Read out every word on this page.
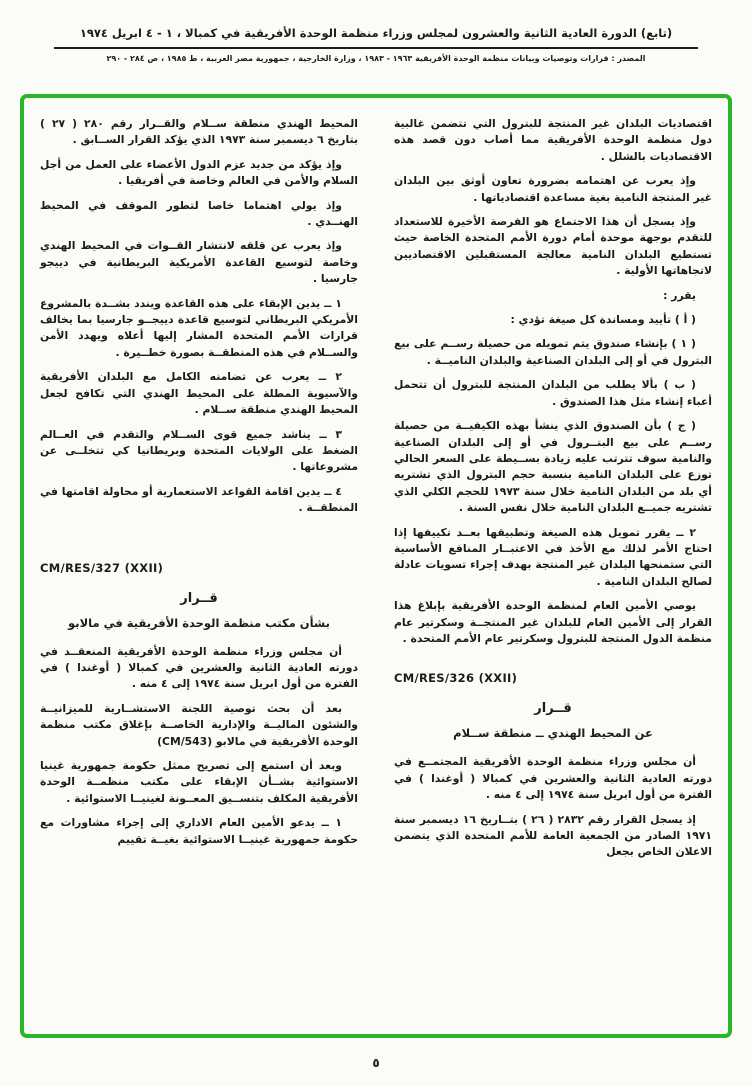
(تابع) الدورة العادية الثانية والعشرون لمجلس وزراء منظمة الوحدة الأفريقية في كمبالا ، ١ - ٤ ابريل ١٩٧٤
المصدر : قرارات وتوصيات وبيانات منظمة الوحدة الأفريقية ١٩٦٣ - ١٩٨٣ ، وزارة الخارجية ، جمهورية مصر العربية ، ط ١٩٨٥ ، ص ٢٨٤ - ٢٩٠

اقتصاديات البلدان غير المنتجة للبترول التي تتضمن غالبية دول منظمة الوحدة الأفريقية مما أصاب دون قصد هذه الاقتصاديات بالشلل .

وإذ يعرب عن اهتمامه بضرورة تعاون أوثق بين البلدان غير المنتجة النامية بغية مساعدة اقتصادياتها .

وإذ يسجل أن هذا الاجتماع هو الفرصة الأخيرة للاستعداد للتقدم بوجهة موحدة أمام دورة الأمم المتحدة الخاصة حيث تستطيع البلدان النامية معالجة المستقبلين الاقتصاديين لاتجاهاتها الأولية .

يقرر :

( أ ) تأييد ومساندة كل صيغة تؤدي :

( ١ ) بإنشاء صندوق يتم تمويله من حصيلة رســم على بيع البترول في أو إلى البلدان الصناعية والبلدان الناميــة .

( ب ) بألا يطلب من البلدان المنتجة للبترول أن تتحمل أعباء إنشاء مثل هذا الصندوق .

( ج ) بأن الصندوق الذي ينشأ بهذه الكيفيــة من حصيلة رســم على بيع البتــرول في أو إلى البلدان الصناعية والنامية سوف تترتب عليه زيادة بســيطة على السعر الحالي توزع على البلدان النامية بنسبة حجم البترول الذي تشتريه أي بلد من البلدان النامية خلال سنة ١٩٧٣ للحجم الكلي الذي تشتريه جميــع البلدان النامية خلال نفس السنة .

٢ ــ يقرر تمويل هذه الصيغة وتطبيقها بعــد تكييفها إذا احتاج الأمر لذلك مع الأخذ في الاعتبــار المنافع الأساسية التي ستمنحها البلدان غير المنتجة بهدف إجراء تسويات عادلة لصالح البلدان النامية .

يوصي الأمين العام لمنظمة الوحدة الأفريقية بإبلاغ هذا القرار إلى الأمين العام للبلدان غير المنتجــة وسكرتير عام منظمة الدول المنتجة للبترول وسكرتير عام الأمم المتحدة .

CM/RES/326 (XXII)
قــرار
عن المحيط الهندي ــ منطقة ســلام

أن مجلس وزراء منظمة الوحدة الأفريقية المجتمــع في دورته العادية الثانية والعشرين في كمبالا ( أوغندا ) في الفترة من أول ابريل سنة ١٩٧٤ إلى ٤ منه .

إذ يسجل القرار رقم ٢٨٣٢ ( ٢٦ ) بتــاريخ ١٦ ديسمبر سنة ١٩٧١ الصادر من الجمعية العامة للأمم المتحدة الذي يتضمن الاعلان الخاص بجعل

المحيط الهندي منطقة ســلام والقــرار رقم ٢٨٠ ( ٢٧ ) بتاريخ ٦ ديسمبر سنة ١٩٧٣ الذي يؤكد القرار الســابق .

وإذ يؤكد من جديد عزم الدول الأعضاء على العمل من أجل السلام والأمن في العالم وخاصة في أفريقيا .

وإذ يولي اهتماما خاصا لتطور الموقف في المحيط الهنــدي .

وإذ يعرب عن قلقه لانتشار القــوات في المحيط الهندي وخاصة لتوسيع القاعدة الأمريكية البريطانية في دييجو جارسيا .

١ ــ يدين الإبقاء على هذه القاعدة ويندد بشــدة بالمشروع الأمريكي البريطاني لتوسيع قاعدة دييجــو جارسيا بما يخالف قرارات الأمم المتحدة المشار إليها أعلاه ويهدد الأمن والســلام في هذه المنطقــة بصورة خطــيرة .

٢ ــ يعرب عن تضامنه الكامل مع البلدان الأفريقية والآسيوية المطلة على المحيط الهندي التي تكافح لجعل المحيط الهندي منطقة ســلام .

٣ ــ يناشد جميع قوى الســلام والتقدم في العــالم الضغط على الولايات المتحدة وبريطانيا كي تتخلــى عن مشروعاتها .

٤ ــ يدين اقامة القواعد الاستعمارية أو محاولة اقامتها في المنطقــة .

CM/RES/327 (XXII)
قــرار
بشأن مكتب منظمة الوحدة الأفريقية في مالابو

أن مجلس وزراء منظمة الوحدة الأفريقية المنعقــد في دورته العادية الثانية والعشرين في كمبالا ( أوغندا ) في الفترة من أول ابريل سنة ١٩٧٤ إلى ٤ منه .

بعد أن بحث توصية اللجنة الاستشــارية للميزانيــة والشئون الماليــة والإدارية الخاصــة بإغلاق مكتب منظمة الوحدة الأفريقية في مالابو (CM/543)

وبعد أن استمع إلى تصريح ممثل حكومة جمهورية غينيا الاستوائية بشــأن الإبقاء على مكتب منظمــة الوحدة الأفريقية المكلف بتنســيق المعــونة لغينيــا الاستوائية .

١ ــ يدعو الأمين العام الاداري إلى إجراء مشاورات مع حكومة جمهورية غينيــا الاستوائية بغيــة تقييم

٥
